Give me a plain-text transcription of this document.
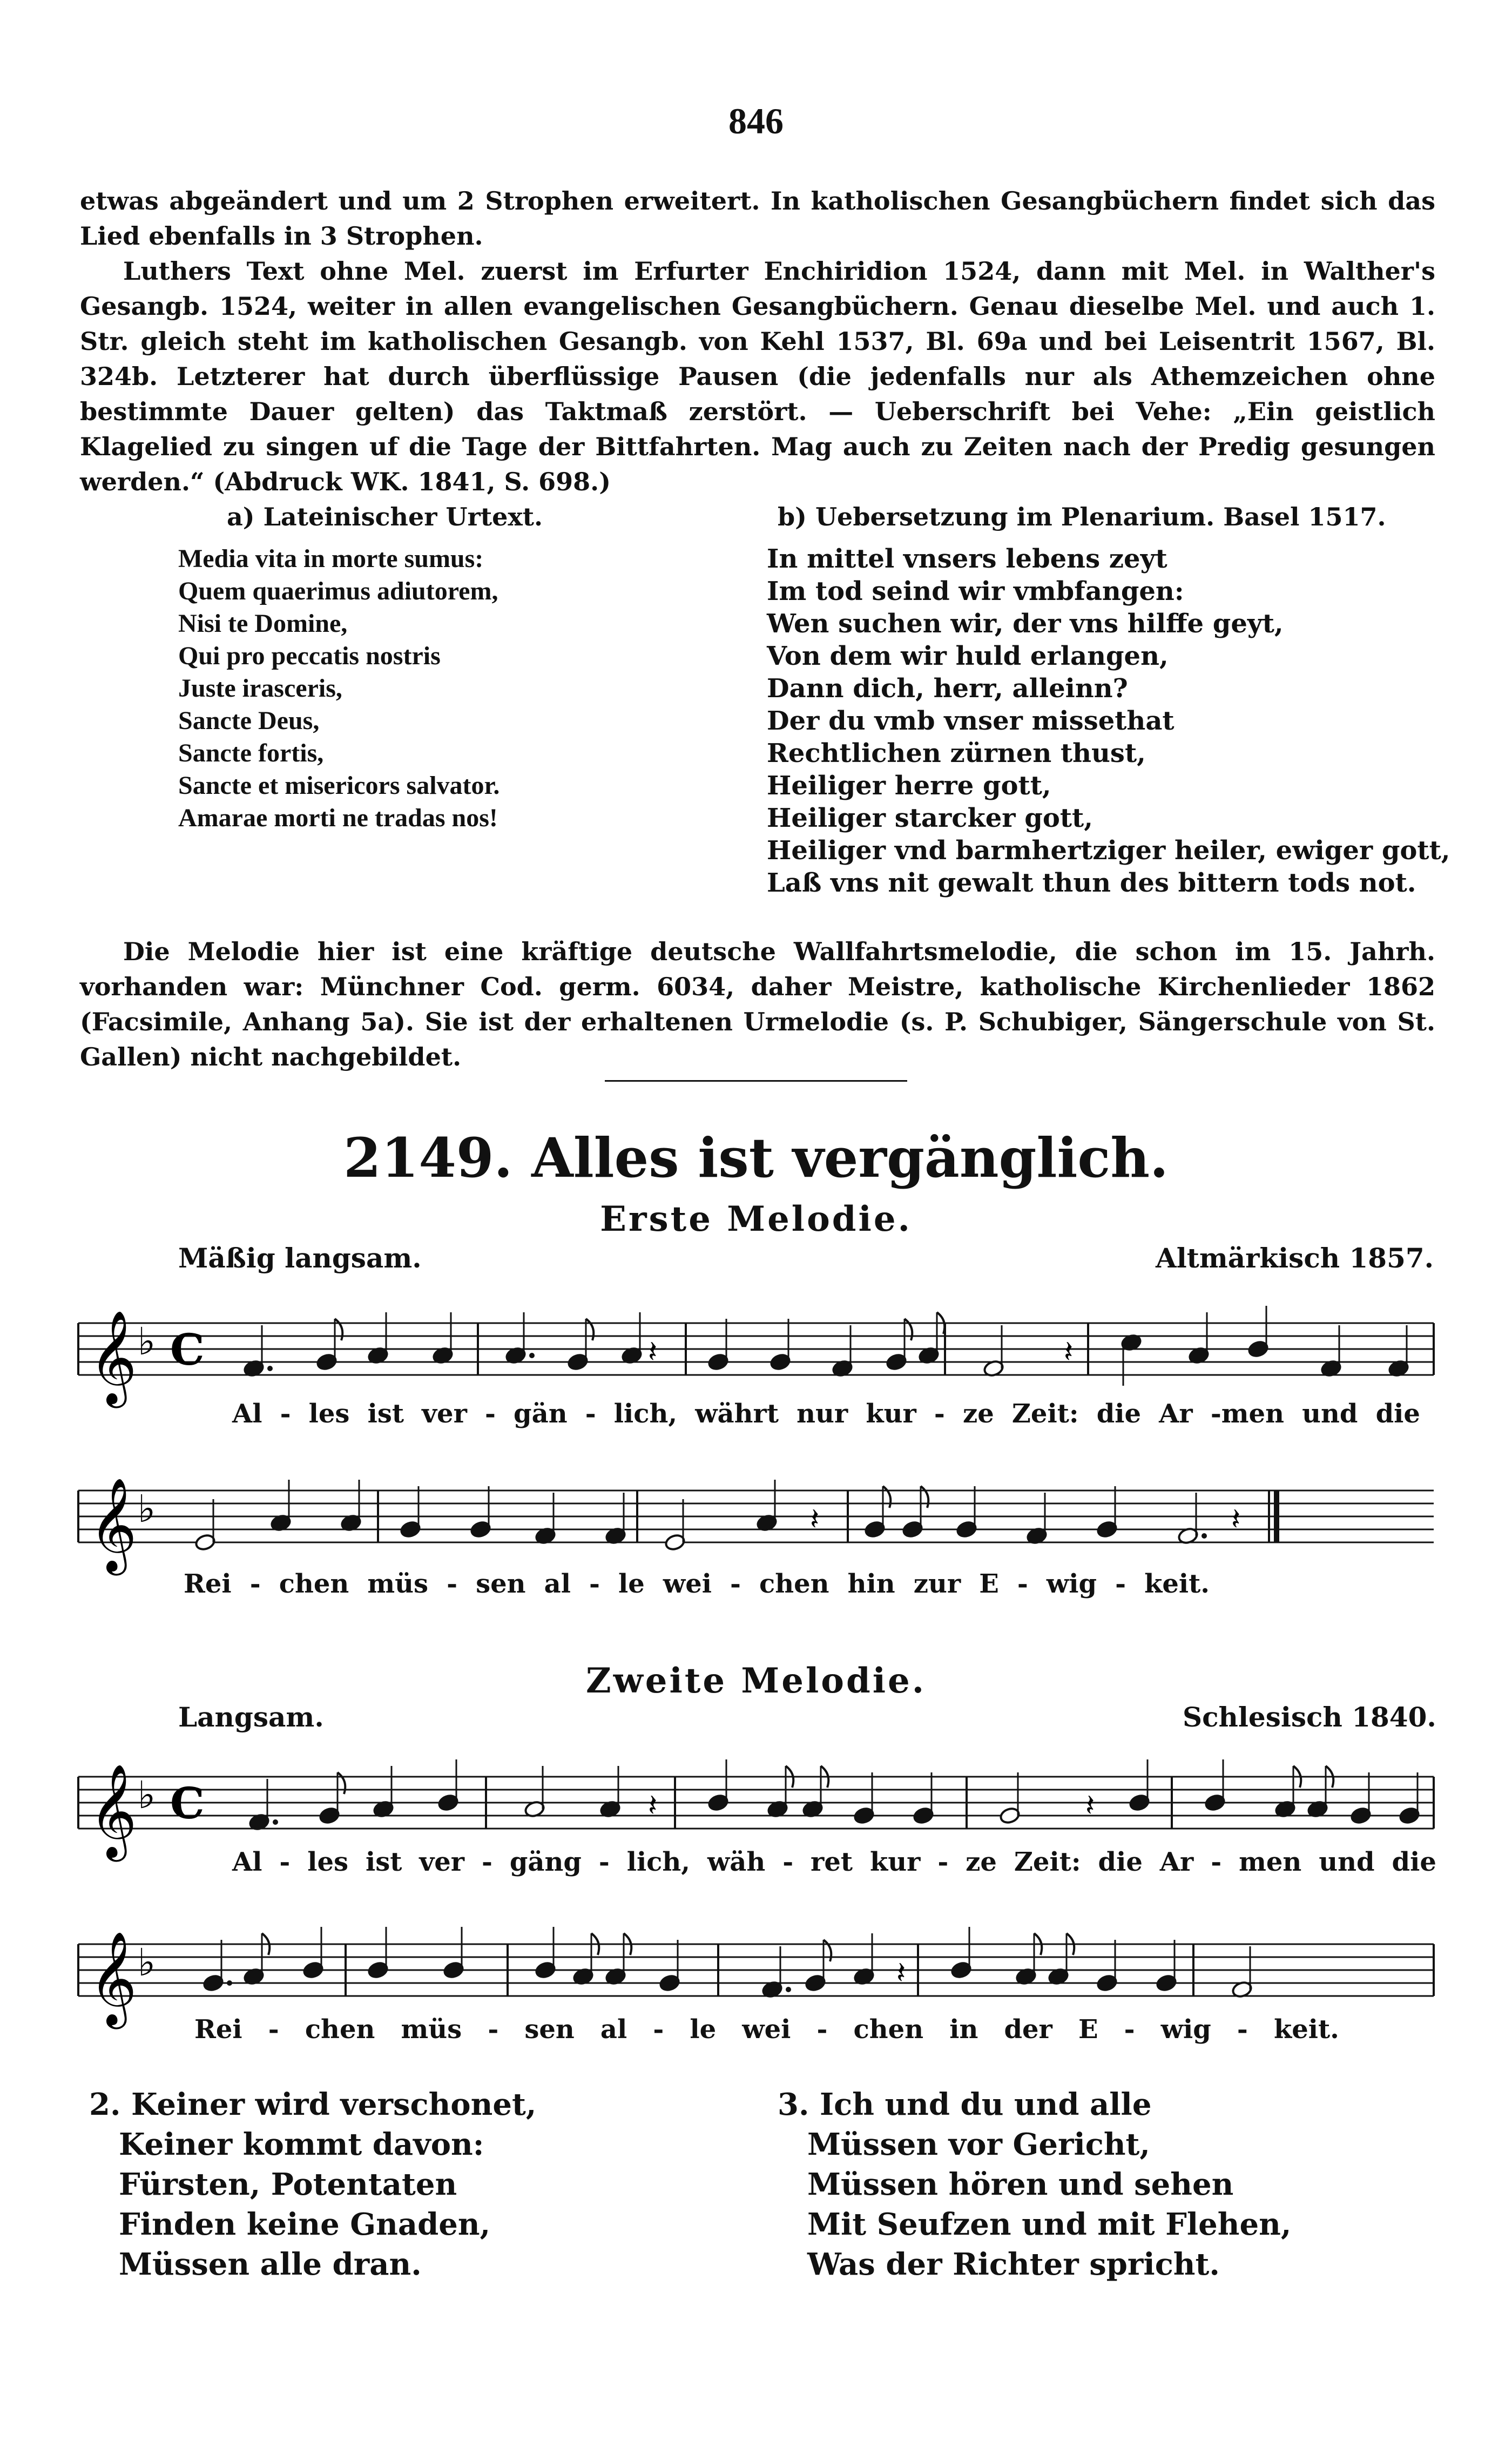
846

etwas abgeändert und um 2 Strophen erweitert. In katholischen Gesangbüchern findet sich das Lied ebenfalls in 3 Strophen.

Luthers Text ohne Mel. zuerst im Erfurter Enchiridion 1524, dann mit Mel. in Walther's Gesangb. 1524, weiter in allen evangelischen Gesangbüchern. Genau dieselbe Mel. und auch 1. Str. gleich steht im katholischen Gesangb. von Kehl 1537, Bl. 69a und bei Leisentrit 1567, Bl. 324b. Letzterer hat durch überflüssige Pausen (die jedenfalls nur als Athemzeichen ohne bestimmte Dauer gelten) das Taktmaß zerstört. — Ueberschrift bei Vehe: „Ein geistlich Klagelied zu singen uf die Tage der Bittfahrten. Mag auch zu Zeiten nach der Predig gesungen werden.“ (Abdruck WK. 1841, S. 698.)

a) Lateinischer Urtext.
Media vita in morte sumus:
Quem quaerimus adiutorem,
Nisi te Domine,
Qui pro peccatis nostris
Juste irasceris,
Sancte Deus,
Sancte fortis,
Sancte et misericors salvator.
Amarae morti ne tradas nos!
b) Uebersetzung im Plenarium. Basel 1517.
In mittel vnsers lebens zeyt
Im tod seind wir vmbfangen:
Wen suchen wir, der vns hilffe geyt,
Von dem wir huld erlangen,
Dann dich, herr, alleinn?
Der du vmb vnser missethat
Rechtlichen zürnen thust,
Heiliger herre gott,
Heiliger starcker gott,
Heiliger vnd barmhertziger heiler, ewiger gott,
Laß vns nit gewalt thun des bittern tods not.
Die Melodie hier ist eine kräftige deutsche Wallfahrtsmelodie, die schon im 15. Jahrh. vorhanden war: Münchner Cod. germ. 6034, daher Meistre, katholische Kirchenlieder 1862 (Facsimile, Anhang 5a). Sie ist der erhaltenen Urmelodie (s. P. Schubiger, Sängerschule von St. Gallen) nicht nachgebildet.
2149. Alles ist vergänglich.
Erste Melodie.
Mäßig langsam.	Altmärkisch 1857.
𝄞 ♭ C	𝄽	𝄽
Al - les ist ver - gän - lich, währt nur kur - ze Zeit: die Ar -men und die
𝄞 ♭	𝄽	𝄽
Rei - chen müs - sen al - le wei - chen hin zur E - wig - keit.
Zweite Melodie.
Langsam.	Schlesisch 1840.
𝄞 ♭ C	𝄽	𝄽
Al - les ist ver - gäng - lich, wäh - ret kur - ze Zeit: die Ar - men und die
𝄞 ♭	𝄽
Rei - chen müs - sen al - le wei - chen in der E - wig - keit.
2. Keiner wird verschonet,
Keiner kommt davon:
Fürsten, Potentaten
Finden keine Gnaden,
Müssen alle dran.
3. Ich und du und alle
Müssen vor Gericht,
Müssen hören und sehen
Mit Seufzen und mit Flehen,
Was der Richter spricht.
